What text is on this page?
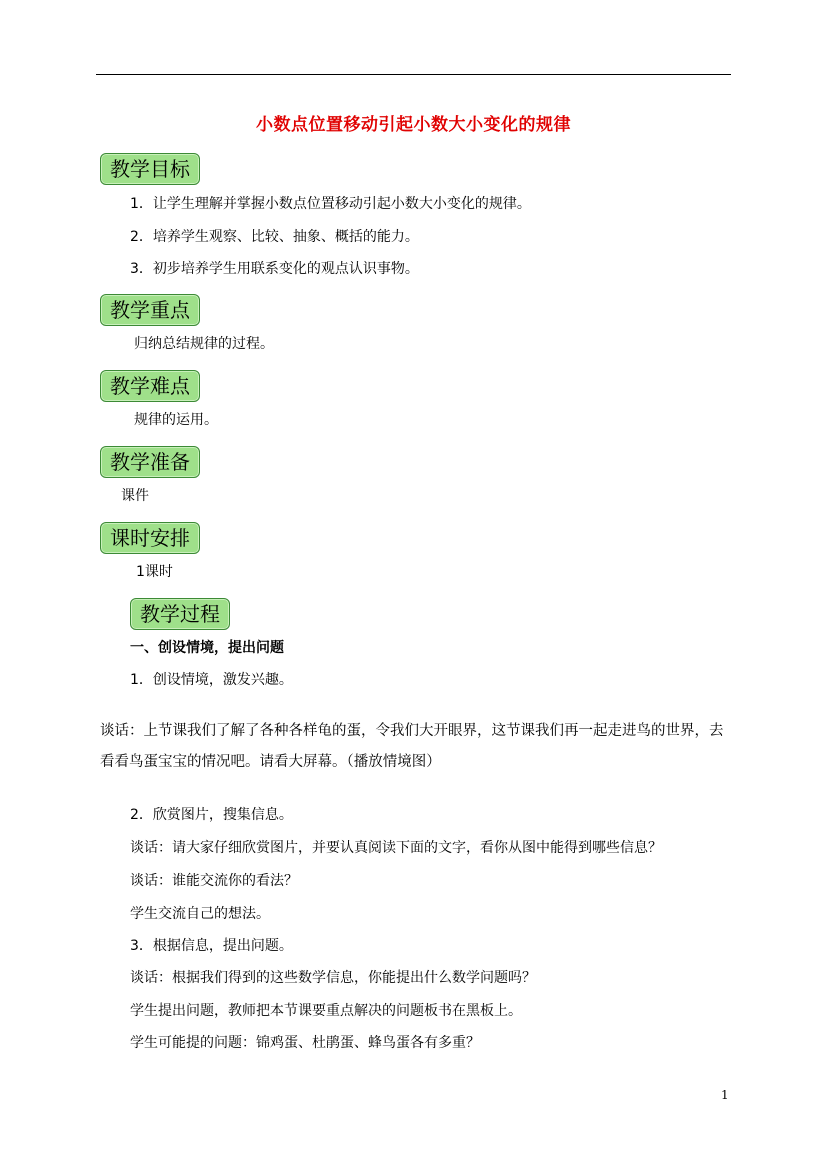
小数点位置移动引起小数大小变化的规律
教学目标
1．让学生理解并掌握小数点位置移动引起小数大小变化的规律。
2．培养学生观察、比较、抽象、概括的能力。
3．初步培养学生用联系变化的观点认识事物。
教学重点
归纳总结规律的过程。
教学难点
规律的运用。
教学准备
课件
课时安排
1课时
教学过程
一、创设情境，提出问题
1．创设情境，激发兴趣。
谈话：上节课我们了解了各种各样龟的蛋，令我们大开眼界，这节课我们再一起走进鸟的世界，去看看鸟蛋宝宝的情况吧。请看大屏幕。（播放情境图）
2．欣赏图片，搜集信息。
谈话：请大家仔细欣赏图片，并要认真阅读下面的文字，看你从图中能得到哪些信息？
谈话：谁能交流你的看法？
学生交流自己的想法。
3．根据信息，提出问题。
谈话：根据我们得到的这些数学信息，你能提出什么数学问题吗？
学生提出问题，教师把本节课要重点解决的问题板书在黑板上。
学生可能提的问题：锦鸡蛋、杜鹃蛋、蜂鸟蛋各有多重？
1
